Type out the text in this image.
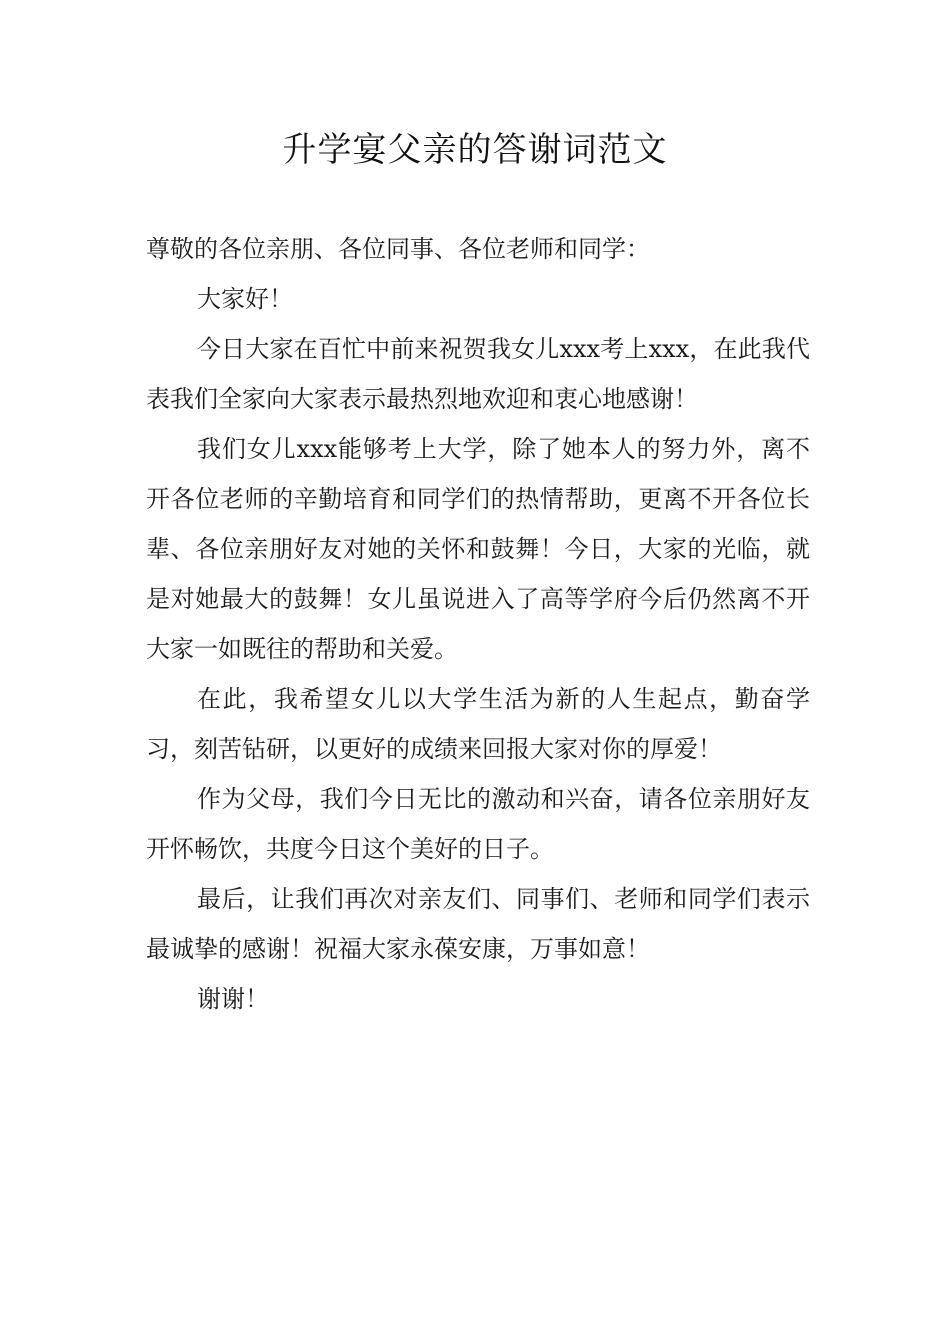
升学宴父亲的答谢词范文

尊敬的各位亲朋、各位同事、各位老师和同学：

大家好！

今日大家在百忙中前来祝贺我女儿xxx考上xxx，在此我代表我们全家向大家表示最热烈地欢迎和衷心地感谢！

我们女儿xxx能够考上大学，除了她本人的努力外，离不开各位老师的辛勤培育和同学们的热情帮助，更离不开各位长辈、各位亲朋好友对她的关怀和鼓舞！今日，大家的光临，就是对她最大的鼓舞！女儿虽说进入了高等学府今后仍然离不开大家一如既往的帮助和关爱。

在此，我希望女儿以大学生活为新的人生起点，勤奋学习，刻苦钻研，以更好的成绩来回报大家对你的厚爱！

作为父母，我们今日无比的激动和兴奋，请各位亲朋好友开怀畅饮，共度今日这个美好的日子。

最后，让我们再次对亲友们、同事们、老师和同学们表示最诚挚的感谢！祝福大家永葆安康，万事如意！

谢谢！
